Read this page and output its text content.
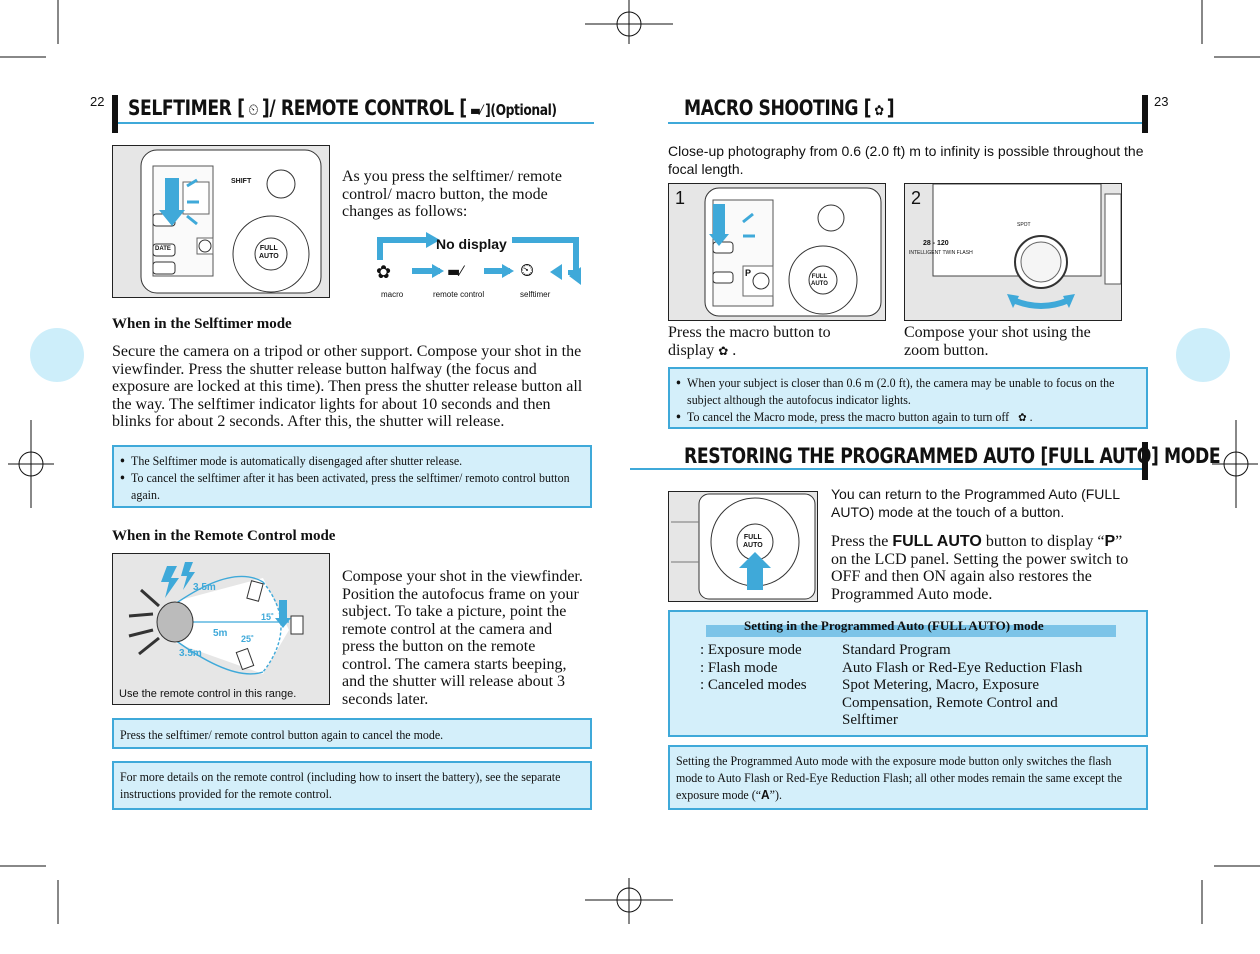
22	23
SELFTIMER [ ⏲ ]/ REMOTE CONTROL [ ▬⁄ ](Optional)
SHIFT
FULL
AUTO
DATE
As you press the selftimer/ remote control/ macro button, the mode changes as follows:
No display
✿	▬⁄	⏲
macro	remote control	selftimer
When in the Selftimer mode
Secure the camera on a tripod or other support. Compose your shot in the viewfinder. Press the shutter release button halfway (the focus and exposure are locked at this time). Then press the shutter release button all the way. The selftimer indicator lights for about 10 seconds and then blinks for about 2 seconds. After this, the shutter will release.
● The Selftimer mode is automatically disengaged after shutter release.
● To cancel the selftimer after it has been activated, press the selftimer/ remoto control button again.
When in the Remote Control mode
3.5m
5m
3.5m
15˚
25˚
Use the remote control in this range.
Compose your shot in the viewfinder. Position the autofocus frame on your subject. To take a picture, point the remote control at the camera and press the button on the remote control. The camera starts beeping, and the shutter will release about 3 seconds later.
Press the selftimer/ remote control button again to cancel the mode.
For more details on the remote control (including how to insert the battery), see the separate instructions provided for the remote control.
MACRO SHOOTING [ ✿ ]
Close-up photography from 0.6 (2.0 ft) m to infinity is possible throughout the focal length.
1
P	FULL
AUTO
2
28 - 120
INTELLIGENT TWIN FLASH
SPOT
Press the macro button to
display ✿ .
Compose your shot using the zoom button.
● When your subject is closer than 0.6 m (2.0 ft), the camera may be unable to focus on the subject although the autofocus indicator lights.
● To cancel the Macro mode, press the macro button again to turn off ✿ .
RESTORING THE PROGRAMMED AUTO [FULL AUTO] MODE
FULL
AUTO
You can return to the Programmed Auto (FULL AUTO) mode at the touch of a button.
Press the FULL AUTO button to display “P” on the LCD panel. Setting the power switch to OFF and then ON again also restores the Programmed Auto mode.
Setting in the Programmed Auto (FULL AUTO) mode
: Exposure mode	Standard Program
: Flash mode	Auto Flash or Red-Eye Reduction Flash
: Canceled modes	Spot Metering, Macro, Exposure Compensation, Remote Control and Selftimer
Setting the Programmed Auto mode with the exposure mode button only switches the flash mode to Auto Flash or Red-Eye Reduction Flash; all other modes remain the same except the exposure mode (“A”).
